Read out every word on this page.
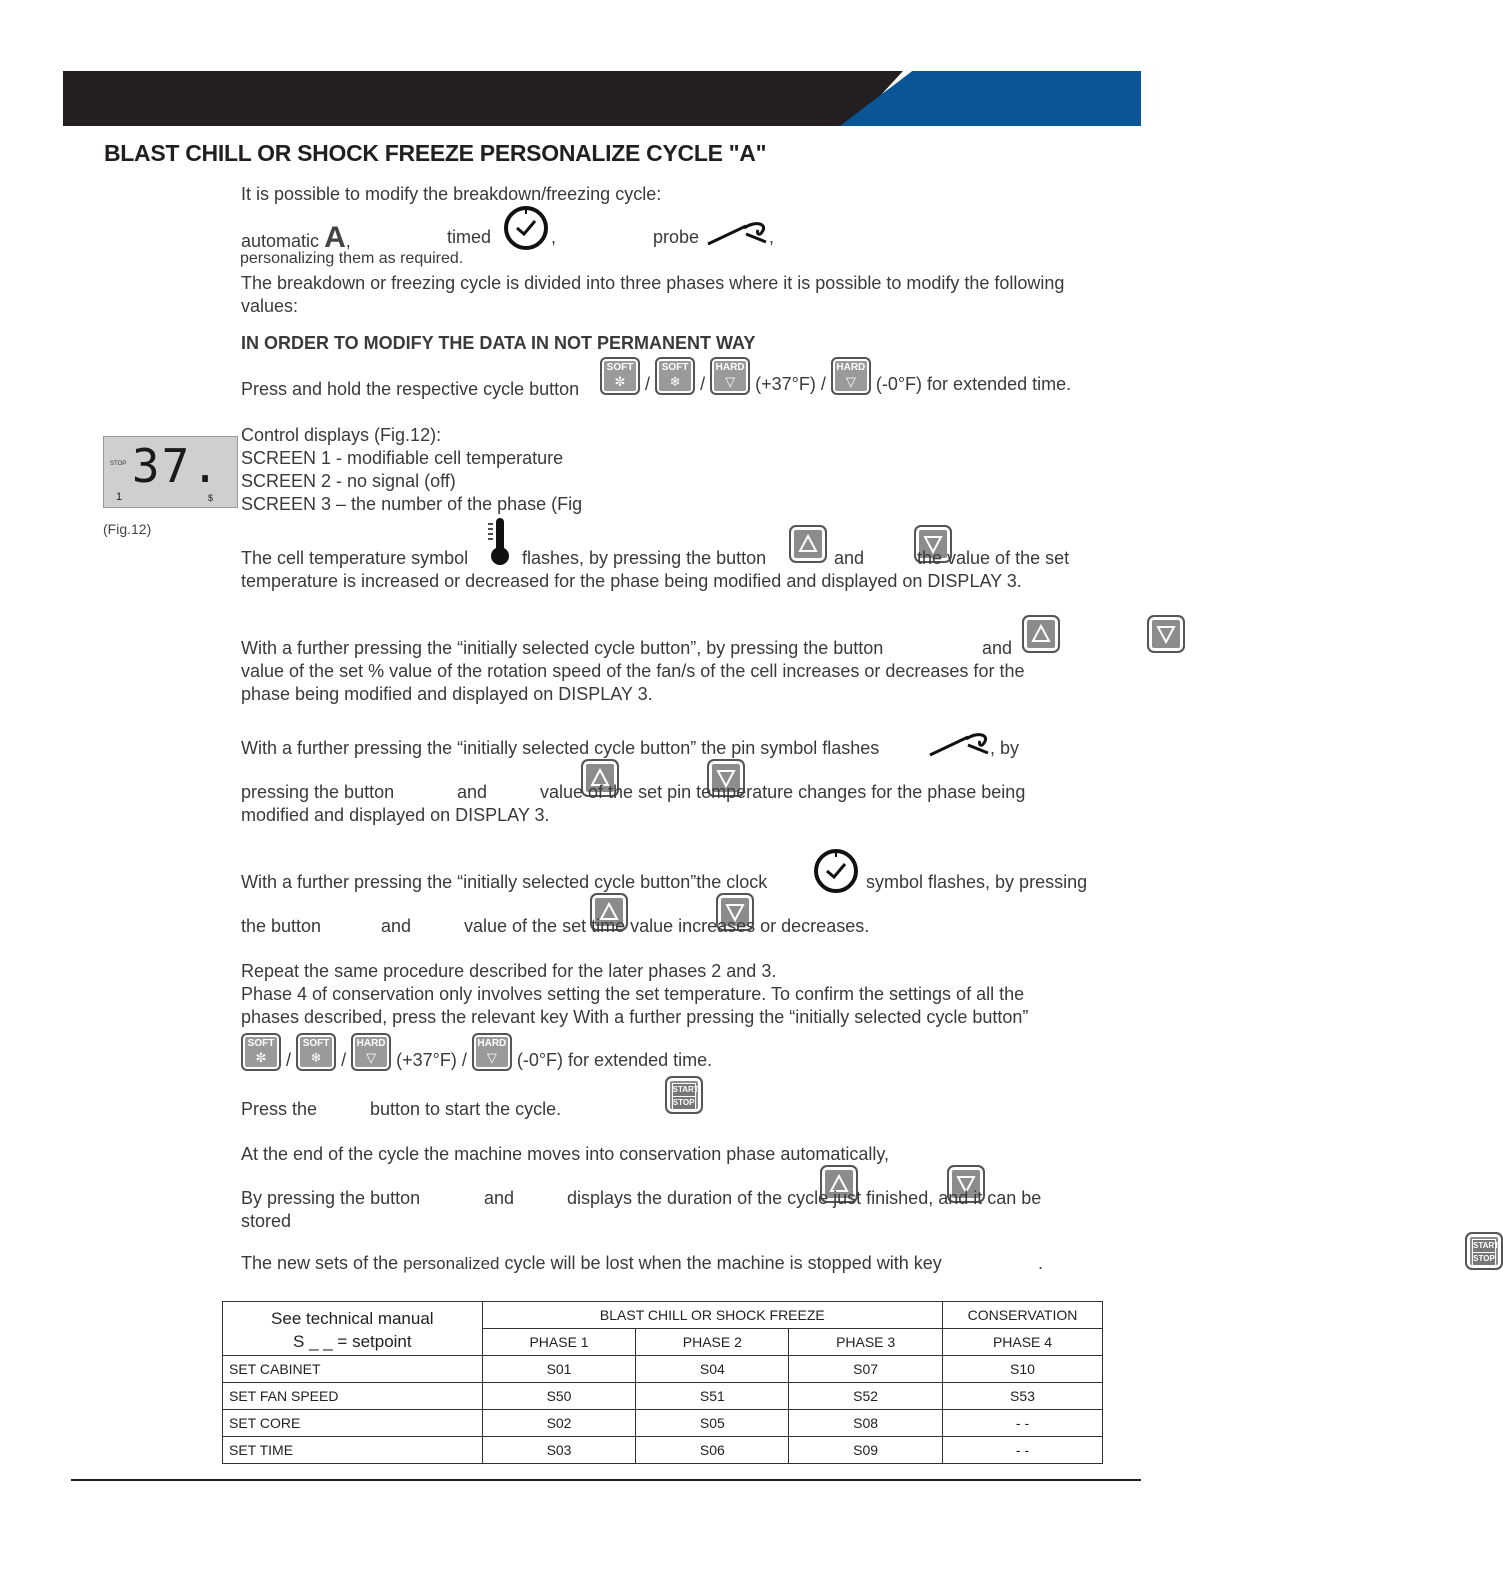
BLAST CHILL OR SHOCK FREEZE PERSONALIZE CYCLE "A"
It is possible to modify the breakdown/freezing cycle:
automatic A,	timed	,	probe	,
personalizing them as required.
The breakdown or freezing cycle is divided into three phases where it is possible to modify the following
values:
IN ORDER TO MODIFY THE DATA IN NOT PERMANENT WAY
Press and hold the respective cycle button
SOFT
✼	/
SOFT
❄	/
HARD
▽	(+37°F) /
HARD
▽	(-0°F) for extended time.
STOP 37.
1	$
(Fig.12)
Control displays (Fig.12):
SCREEN 1 - modifiable cell temperature
SCREEN 2 - no signal (off)
SCREEN 3 – the number of the phase (Fig
The cell temperature symbol	flashes, by pressing the button
	and
	the value of the set
temperature is increased or decreased for the phase being modified and displayed on DISPLAY 3.
With a further pressing the “initially selected cycle button”, by pressing the button
	and

value of the set % value of the rotation speed of the fan/s of the cell increases or decreases for the
phase being modified and displayed on DISPLAY 3.
With a further pressing the “initially selected cycle button” the pin symbol flashes	, by
pressing the button
	and
	value of the set pin temperature changes for the phase being
modified and displayed on DISPLAY 3.
With a further pressing the “initially selected cycle button”the clock	symbol flashes, by pressing
the button
	and
	value of the set time value increases or decreases.
Repeat the same procedure described for the later phases 2 and 3.
Phase 4 of conservation only involves setting the set temperature. To confirm the settings of all the
phases described, press the relevant key With a further pressing the “initially selected cycle button”
SOFT
✼	/
SOFT
❄	/
HARD
▽	(+37°F) /
HARD
▽	(-0°F) for extended time.
Press the
START
STOP

button to start the cycle.
At the end of the cycle the machine moves into conservation phase automatically,
By pressing the button
	and
	displays the duration of the cycle just finished, and it can be
stored
The new sets of the personalized cycle will be lost when the machine is stopped with key
START
STOP
.
See technical manual
S _ _ = setpoint	BLAST CHILL OR SHOCK FREEZE			CONSERVATION
	PHASE 1	PHASE 2	PHASE 3	PHASE 4
SET CABINET	S01	S04	S07	S10
SET FAN SPEED	S50	S51	S52	S53
SET CORE	S02	S05	S08	- -
SET TIME	S03	S06	S09	- -
